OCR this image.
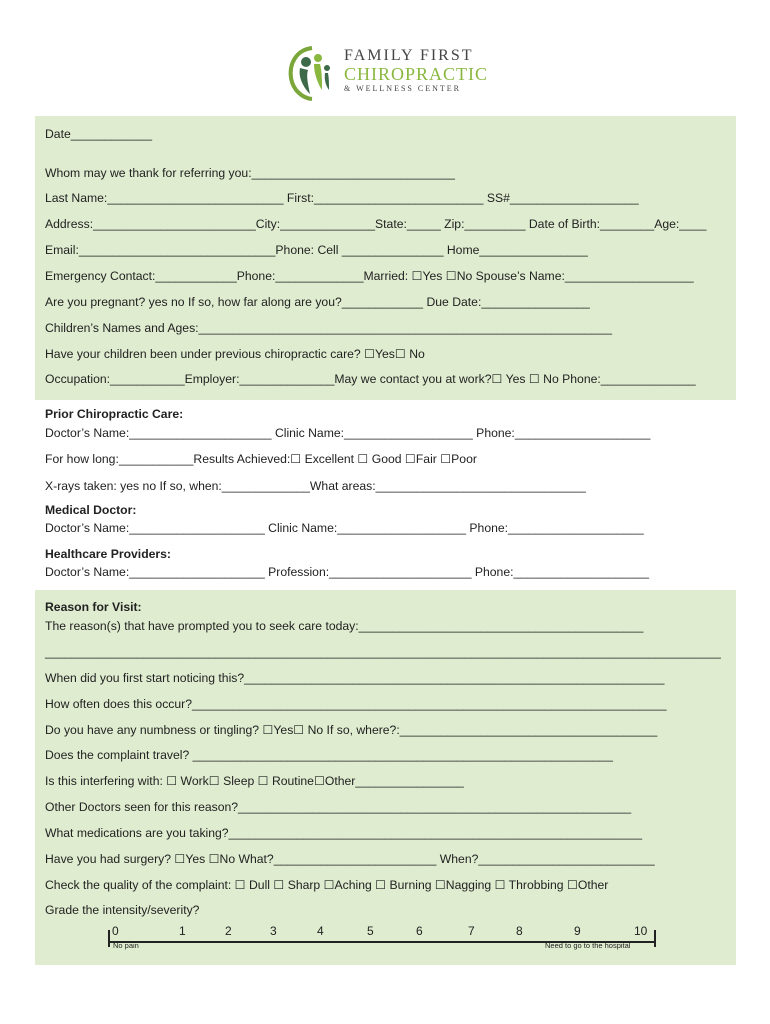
FAMILY FIRST
CHIROPRACTIC
& WELLNESS CENTER
Date____________
Whom may we thank for referring you:______________________________
Last Name:__________________________ First:_________________________ SS#___________________
Address:________________________City:______________State:_____ Zip:_________ Date of Birth:________Age:____
Email:_____________________________Phone: Cell _______________ Home________________
Emergency Contact:____________Phone:_____________Married: ☐Yes ☐No Spouse’s Name:___________________
Are you pregnant? yes no If so, how far along are you?____________ Due Date:________________
Children’s Names and Ages:_____________________________________________________________
Have your children been under previous chiropractic care? ☐Yes☐ No
Occupation:___________Employer:______________May we contact you at work?☐ Yes ☐ No Phone:______________
Prior Chiropractic Care:
Doctor’s Name:_____________________ Clinic Name:___________________ Phone:____________________
For how long:___________Results Achieved:☐ Excellent ☐ Good ☐Fair ☐Poor
X-rays taken: yes no If so, when:_____________What areas:_______________________________
Medical Doctor:
Doctor’s Name:____________________ Clinic Name:___________________ Phone:____________________
Healthcare Providers:
Doctor’s Name:____________________ Profession:_____________________ Phone:____________________
Reason for Visit:
The reason(s) that have prompted you to seek care today:__________________________________________
_______________________________________________________________________________________________________
When did you first start noticing this?______________________________________________________________
How often does this occur?______________________________________________________________________
Do you have any numbness or tingling? ☐Yes☐ No If so, where?:______________________________________
Does the complaint travel? ______________________________________________________________
Is this interfering with: ☐ Work☐ Sleep ☐ Routine☐Other________________
Other Doctors seen for this reason?__________________________________________________________
What medications are you taking?_____________________________________________________________
Have you had surgery? ☐Yes ☐No What?________________________ When?__________________________
Check the quality of the complaint: ☐ Dull ☐ Sharp ☐Aching ☐ Burning ☐Nagging ☐ Throbbing ☐Other
Grade the intensity/severity?
0	1	2	3	4	5	6	7	8	9	10
No pain	Need to go to the hospital
